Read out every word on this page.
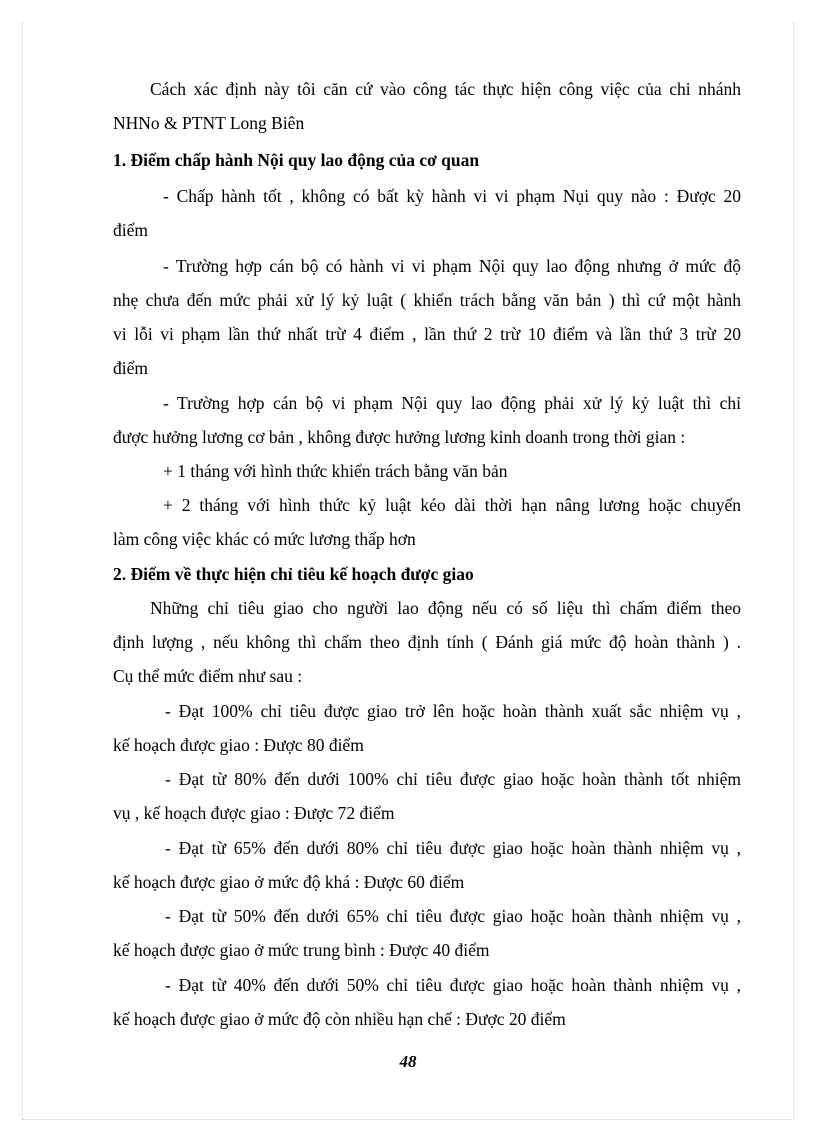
Cách xác định này tôi căn cứ vào công tác thực hiện công việc của chi nhánh
NHNo & PTNT Long Biên
1. Điểm chấp hành Nội quy lao động của cơ quan
- Chấp hành tốt , không có bất kỳ hành vi vi phạm Nụi quy nào : Được 20
điểm
- Trường hợp cán bộ có hành vi vi phạm Nội quy lao động nhưng ở mức độ
nhẹ chưa đến mức phải xử lý kỷ luật ( khiển trách bằng văn bản ) thì cứ một hành
vi lỗi vi phạm lần thứ nhất trừ 4 điểm , lần thứ 2 trừ 10 điểm và lần thứ 3 trừ 20
điểm
- Trường hợp cán bộ vi phạm Nội quy lao động phải xử lý kỷ luật thì chỉ
được hưởng lương cơ bản , không được hưởng lương kinh doanh trong thời gian :
+ 1 tháng với hình thức khiển trách bằng văn bản
+ 2 tháng với hình thức kỷ luật kéo dài thời hạn nâng lương hoặc chuyển
làm công việc khác có mức lương thấp hơn
2. Điểm về thực hiện chỉ tiêu kế hoạch được giao
Những chỉ tiêu giao cho người lao động nếu có số liệu thì chấm điểm theo
định lượng , nếu không thì chấm theo định tính ( Đánh giá mức độ hoàn thành ) .
Cụ thể mức điểm như sau :
- Đạt 100% chỉ tiêu được giao trở lên hoặc hoàn thành xuất sắc nhiệm vụ ,
kế hoạch được giao : Được 80 điểm
- Đạt từ 80% đến dưới 100% chỉ tiêu được giao hoặc hoàn thành tốt nhiệm
vụ , kế hoạch được giao : Được 72 điểm
- Đạt từ 65% đến dưới 80% chỉ tiêu được giao hoặc hoàn thành nhiệm vụ ,
kế hoạch được giao ở mức độ khá : Được 60 điểm
- Đạt từ 50% đến dưới 65% chỉ tiêu được giao hoặc hoàn thành nhiệm vụ ,
kế hoạch được giao ở mức trung bình : Được 40 điểm
- Đạt từ 40% đến dưới 50% chỉ tiêu được giao hoặc hoàn thành nhiệm vụ ,
kế hoạch được giao ở mức độ còn nhiều hạn chế : Được 20 điểm
48
